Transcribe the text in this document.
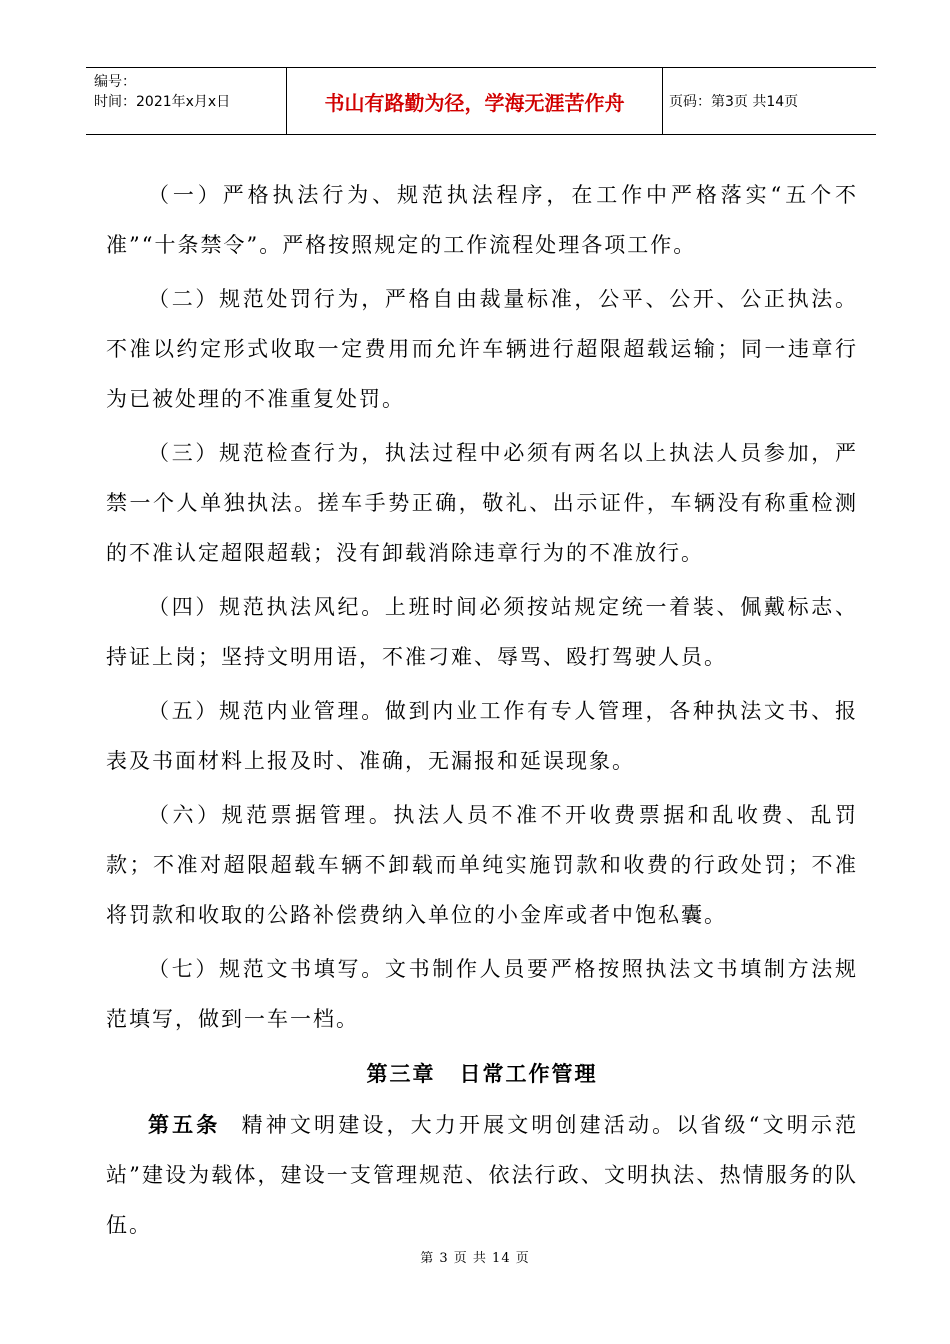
编号：
时间：2021年x月x日	书山有路勤为径，学海无涯苦作舟	页码：第3页 共14页

（一）严格执法行为、规范执法程序，在工作中严格落实“五个不准”“十条禁令”。严格按照规定的工作流程处理各项工作。

（二）规范处罚行为，严格自由裁量标准，公平、公开、公正执法。不准以约定形式收取一定费用而允许车辆进行超限超载运输；同一违章行为已被处理的不准重复处罚。

（三）规范检查行为，执法过程中必须有两名以上执法人员参加，严禁一个人单独执法。搓车手势正确，敬礼、出示证件，车辆没有称重检测的不准认定超限超载；没有卸载消除违章行为的不准放行。

（四）规范执法风纪。上班时间必须按站规定统一着装、佩戴标志、持证上岗；坚持文明用语，不准刁难、辱骂、殴打驾驶人员。

（五）规范内业管理。做到内业工作有专人管理，各种执法文书、报表及书面材料上报及时、准确，无漏报和延误现象。

（六）规范票据管理。执法人员不准不开收费票据和乱收费、乱罚款；不准对超限超载车辆不卸载而单纯实施罚款和收费的行政处罚；不准将罚款和收取的公路补偿费纳入单位的小金库或者中饱私囊。

（七）规范文书填写。文书制作人员要严格按照执法文书填制方法规范填写，做到一车一档。

第三章 日常工作管理

第五条 精神文明建设，大力开展文明创建活动。以省级“文明示范站”建设为载体，建设一支管理规范、依法行政、文明执法、热情服务的队伍。

第 3 页 共 14 页
